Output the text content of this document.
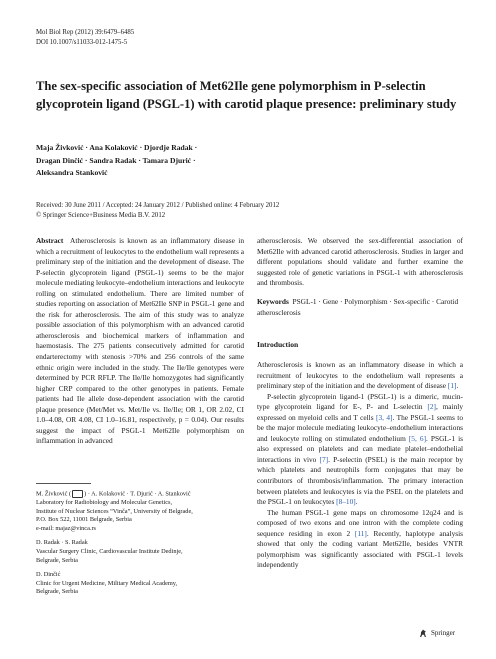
Mol Biol Rep (2012) 39:6479–6485
DOI 10.1007/s11033-012-1475-5
The sex-specific association of Met62Ile gene polymorphism in P-selectin glycoprotein ligand (PSGL-1) with carotid plaque presence: preliminary study
Maja Živković · Ana Kolaković · Djordje Radak ·
Dragan Dinčić · Sandra Radak · Tamara Djurić ·
Aleksandra Stanković
Received: 30 June 2011 / Accepted: 24 January 2012 / Published online: 4 February 2012
© Springer Science+Business Media B.V. 2012
Abstract Atherosclerosis is known as an inflammatory disease in which a recruitment of leukocytes to the endothelium wall represents a preliminary step of the initiation and the development of disease. The P-selectin glycoprotein ligand (PSGL-1) seems to be the major molecule mediating leukocyte–endothelium interactions and leukocyte rolling on stimulated endothelium. There are limited number of studies reporting on association of Met62Ile SNP in PSGL-1 gene and the risk for atherosclerosis. The aim of this study was to analyze possible association of this polymorphism with an advanced carotid atherosclerosis and biochemical markers of inflammation and haemostasis. The 275 patients consecutively admitted for carotid endarterectomy with stenosis >70% and 256 controls of the same ethnic origin were included in the study. The Ile/Ile genotypes were determined by PCR RFLP. The Ile/Ile homozygotes had significantly higher CRP compared to the other genotypes in patients. Female patients had Ile allele dose-dependent association with the carotid plaque presence (Met/Met vs. Met/Ile vs. Ile/Ile; OR 1, OR 2.02, CI 1.0–4.08, OR 4.08, CI 1.0–16.81, respectively, p = 0.04). Our results suggest the impact of PSGL-1 Met62Ile polymorphism on inflammation in advanced
atherosclerosis. We observed the sex-differential association of Met62Ile with advanced carotid atherosclerosis. Studies in larger and different populations should validate and further examine the suggested role of genetic variations in PSGL-1 with atherosclerosis and thrombosis.
Keywords PSGL-1 · Gene · Polymorphism · Sex-specific · Carotid atherosclerosis
Introduction

Atherosclerosis is known as an inflammatory disease in which a recruitment of leukocytes to the endothelium wall represents a preliminary step of the initiation and the development of disease [1].

P-selectin glycoprotein ligand-1 (PSGL-1) is a dimeric, mucin-type glycoprotein ligand for E-, P- and L-selectin [2], mainly expressed on myeloid cells and T cells [3, 4]. The PSGL-1 seems to be the major molecule mediating leukocyte–endothelium interactions and leukocyte rolling on stimulated endothelium [5, 6]. PSGL-1 is also expressed on platelets and can mediate platelet–endothelial interactions in vivo [7]. P-selectin (PSEL) is the main receptor by which platelets and neutrophils form conjugates that may be contributors of thrombosis/inflammation. The primary interaction between platelets and leukocytes is via the PSEL on the platelets and the PSGL-1 on leukocytes [8–10].

The human PSGL-1 gene maps on chromosome 12q24 and is composed of two exons and one intron with the complete coding sequence residing in exon 2 [11]. Recently, haplotype analysis showed that only the coding variant Met62Ile, besides VNTR polymorphism was significantly associated with PSGL-1 levels independently

M. Živković ( ) · A. Kolaković · T. Djurić · A. Stanković
Laboratory for Radiobiology and Molecular Genetics,
Institute of Nuclear Sciences “Vinča”, University of Belgrade,
P.O. Box 522, 11001 Belgrade, Serbia
e-mail: majaz@vinca.rs

D. Radak · S. Radak
Vascular Surgery Clinic, Cardiovascular Institute Dedinje,
Belgrade, Serbia

D. Dinčić
Clinic for Urgent Medicine, Military Medical Academy,
Belgrade, Serbia

Springer
